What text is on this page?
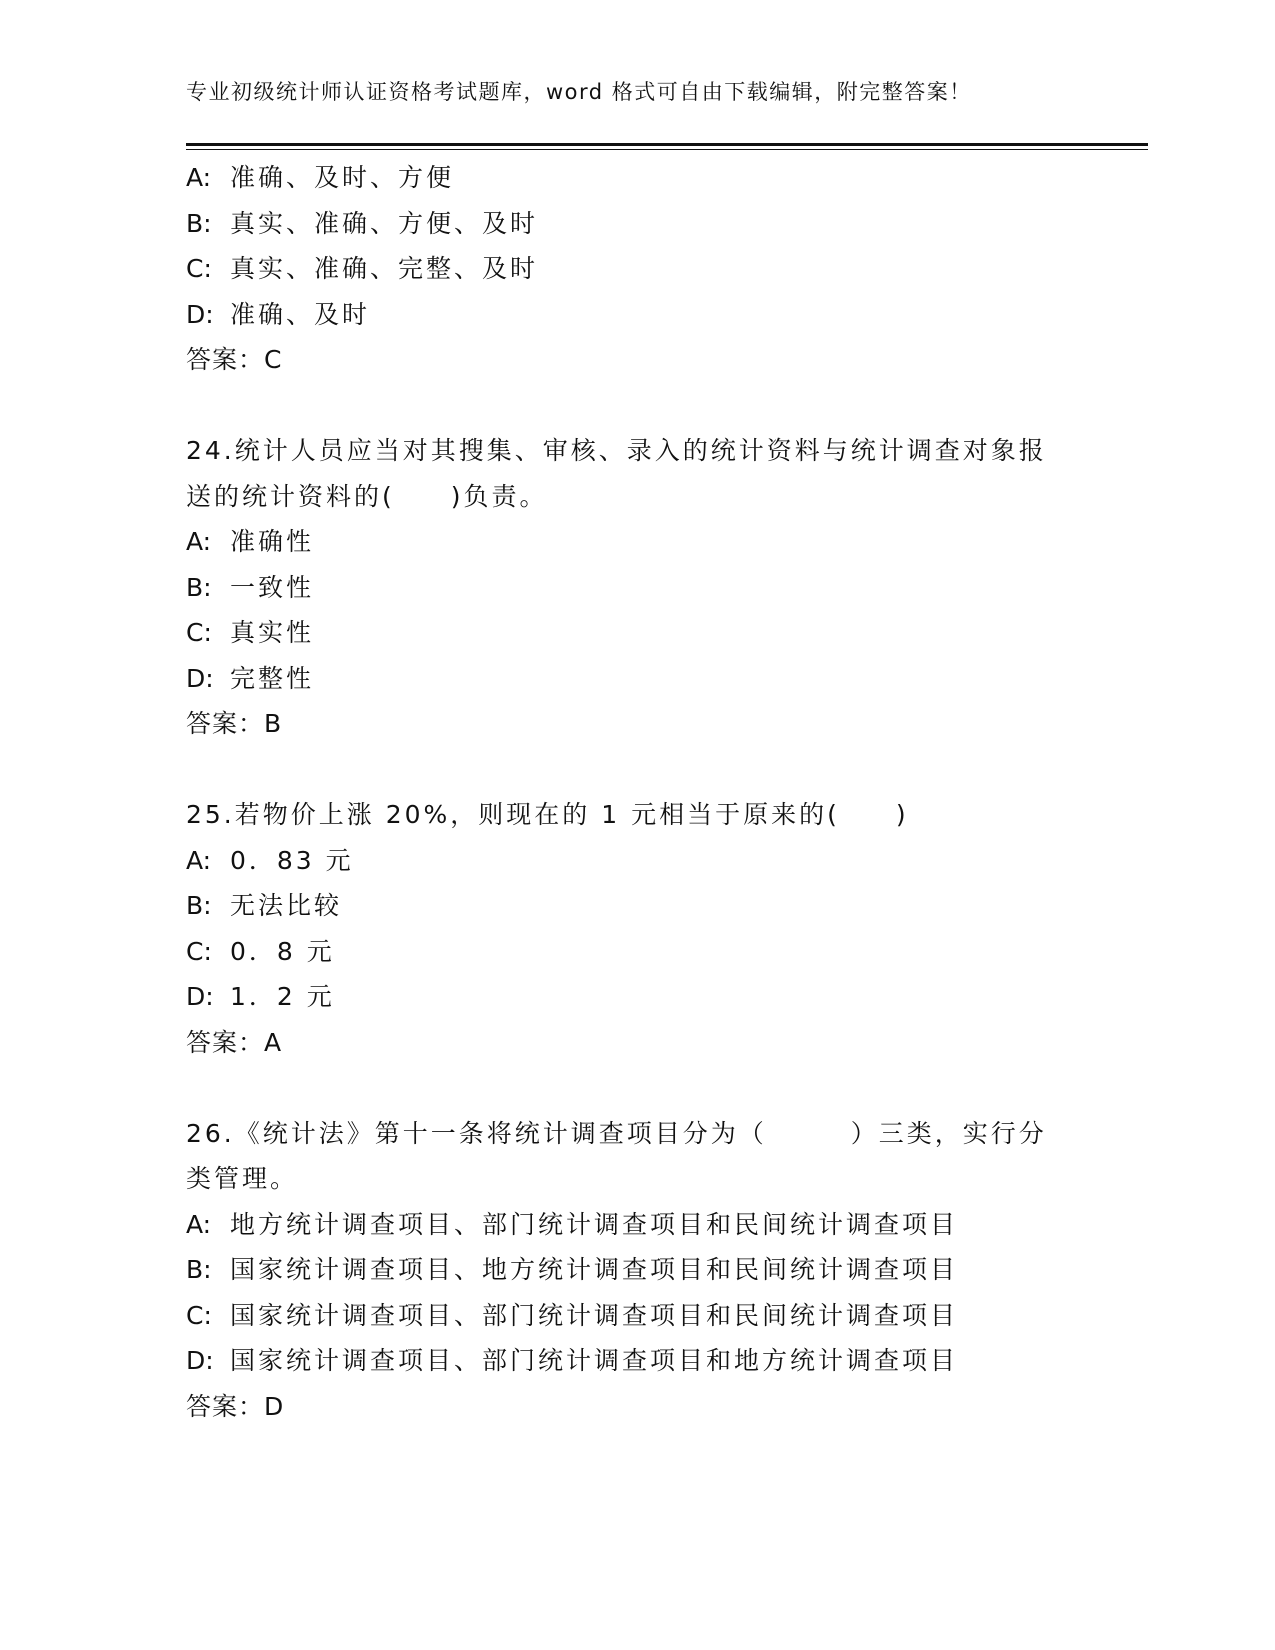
专业初级统计师认证资格考试题库，word 格式可自由下载编辑，附完整答案！
A: 准确、及时、方便
B: 真实、准确、方便、及时
C: 真实、准确、完整、及时
D: 准确、及时
答案：C
24.统计人员应当对其搜集、审核、录入的统计资料与统计调查对象报
送的统计资料的(　　)负责。
A: 准确性
B: 一致性
C: 真实性
D: 完整性
答案：B
25.若物价上涨 20%，则现在的 1 元相当于原来的(　　)
A: 0．83 元
B: 无法比较
C: 0．8 元
D: 1．2 元
答案：A
26.《统计法》第十一条将统计调查项目分为（　　　）三类，实行分
类管理。
A: 地方统计调查项目、部门统计调查项目和民间统计调查项目
B: 国家统计调查项目、地方统计调查项目和民间统计调查项目
C: 国家统计调查项目、部门统计调查项目和民间统计调查项目
D: 国家统计调查项目、部门统计调查项目和地方统计调查项目
答案：D
